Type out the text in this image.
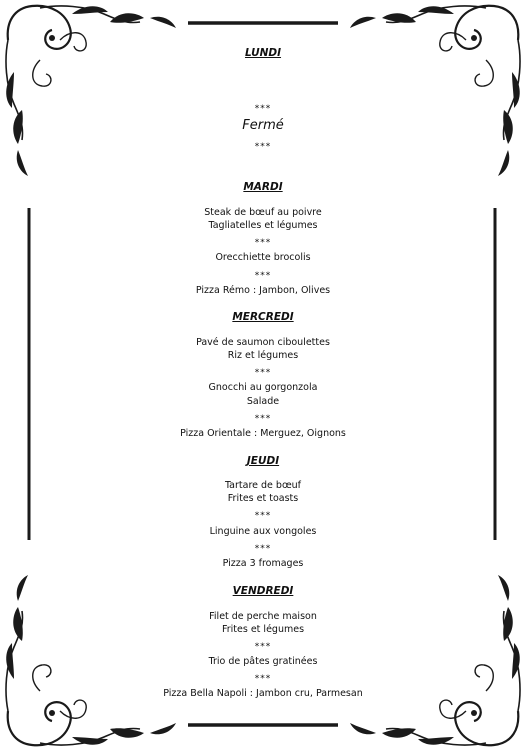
LUNDI
***
Fermé
***
MARDI
Steak de bœuf au poivre
Tagliatelles et légumes
***
Orecchiette brocolis
***
Pizza Rémo : Jambon, Olives
MERCREDI
Pavé de saumon ciboulettes
Riz et légumes
***
Gnocchi au gorgonzola
Salade
***
Pizza Orientale : Merguez, Oignons
JEUDI
Tartare de bœuf
Frites et toasts
***
Linguine aux vongoles
***
Pizza 3 fromages
VENDREDI
Filet de perche maison
Frites et légumes
***
Trio de pâtes gratinées
***
Pizza Bella Napoli : Jambon cru, Parmesan
